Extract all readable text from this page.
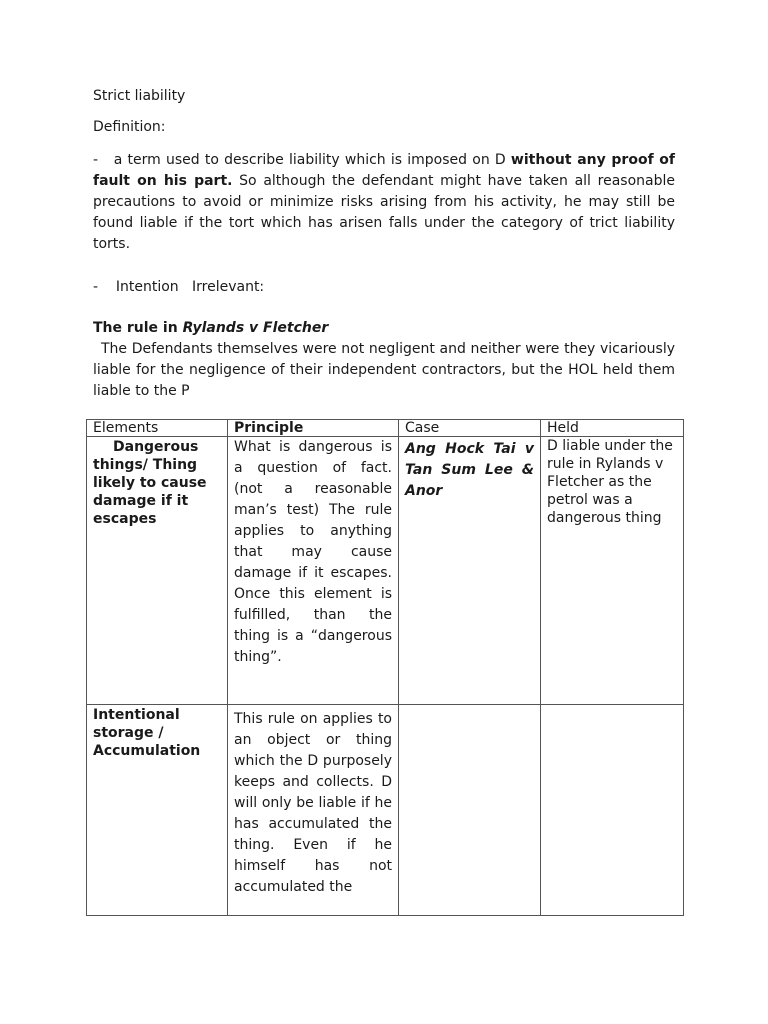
Strict liability

Definition:

- a term used to describe liability which is imposed on D without any proof of fault on his part. So although the defendant might have taken all reasonable precautions to avoid or minimize risks arising from his activity, he may still be found liable if the tort which has arisen falls under the category of trict liability torts.

-    Intention   Irrelevant:

The rule in Rylands v Fletcher

The Defendants themselves were not negligent and neither were they vicariously liable for the negligence of their independent contractors, but the HOL held them liable to the P

Elements	Principle	Case	Held
Dangerous things/ Thing likely to cause damage if it escapes	What is dangerous is a question of fact. (not a reasonable man’s test) The rule applies to anything that may cause damage if it escapes. Once this element is fulfilled, than the thing is a “dangerous thing”.	Ang Hock Tai v Tan Sum Lee & Anor	D liable under the rule in Rylands v Fletcher as the petrol was a dangerous thing
Intentional storage / Accumulation	This rule on applies to an object or thing which the D purposely keeps and collects. D will only be liable if he has accumulated the thing. Even if he himself has not accumulated the		
